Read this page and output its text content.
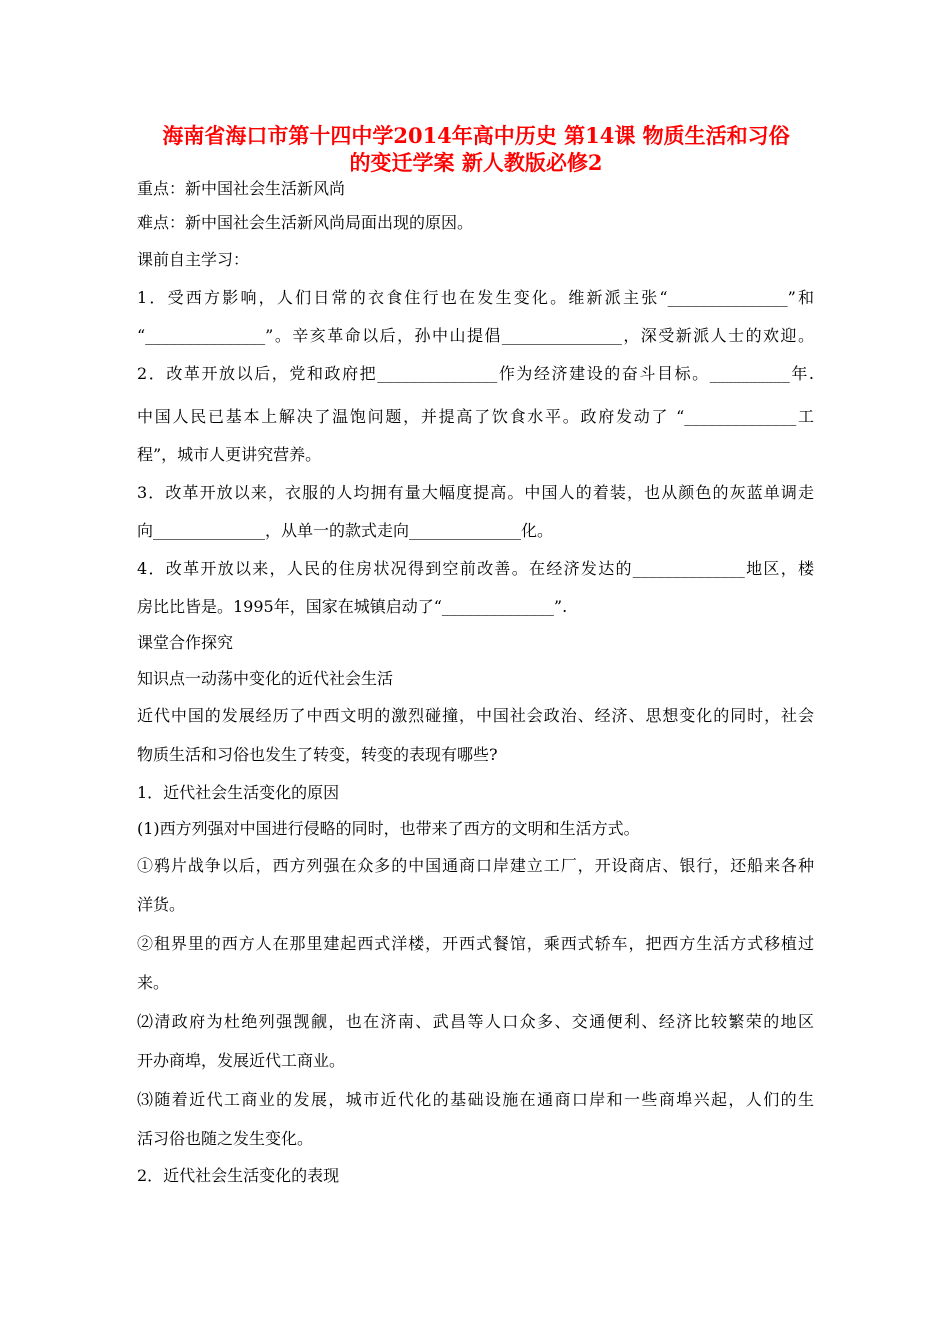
海南省海口市第十四中学2014年高中历史 第14课 物质生活和习俗
的变迁学案 新人教版必修2
重点：新中国社会生活新风尚
难点：新中国社会生活新风尚局面出现的原因。
课前自主学习：
1．受西方影响，人们日常的衣食住行也在发生变化。维新派主张“_______________”和
“_______________”。辛亥革命以后，孙中山提倡_______________，深受新派人士的欢迎。
2．改革开放以后，党和政府把_______________作为经济建设的奋斗目标。__________年.
中国人民已基本上解决了温饱问题，并提高了饮食水平。政府发动了 “______________工
程”，城市人更讲究营养。
3．改革开放以来，衣服的人均拥有量大幅度提高。中国人的着装，也从颜色的灰蓝单调走
向______________，从单一的款式走向______________化。
4．改革开放以来，人民的住房状况得到空前改善。在经济发达的______________地区，楼
房比比皆是。1995年，国家在城镇启动了“______________”.
课堂合作探究
知识点一动荡中变化的近代社会生活
近代中国的发展经历了中西文明的激烈碰撞，中国社会政治、经济、思想变化的同时，社会
物质生活和习俗也发生了转变，转变的表现有哪些?
1．近代社会生活变化的原因
(1)西方列强对中国进行侵略的同时，也带来了西方的文明和生活方式。
①鸦片战争以后，西方列强在众多的中国通商口岸建立工厂，开设商店、银行，还船来各种
洋货。
②租界里的西方人在那里建起西式洋楼，开西式餐馆，乘西式轿车，把西方生活方式移植过
来。
⑵清政府为杜绝列强觊觎，也在济南、武昌等人口众多、交通便利、经济比较繁荣的地区
开办商埠，发展近代工商业。
⑶随着近代工商业的发展，城市近代化的基础设施在通商口岸和一些商埠兴起，人们的生
活习俗也随之发生变化。
2．近代社会生活变化的表现
